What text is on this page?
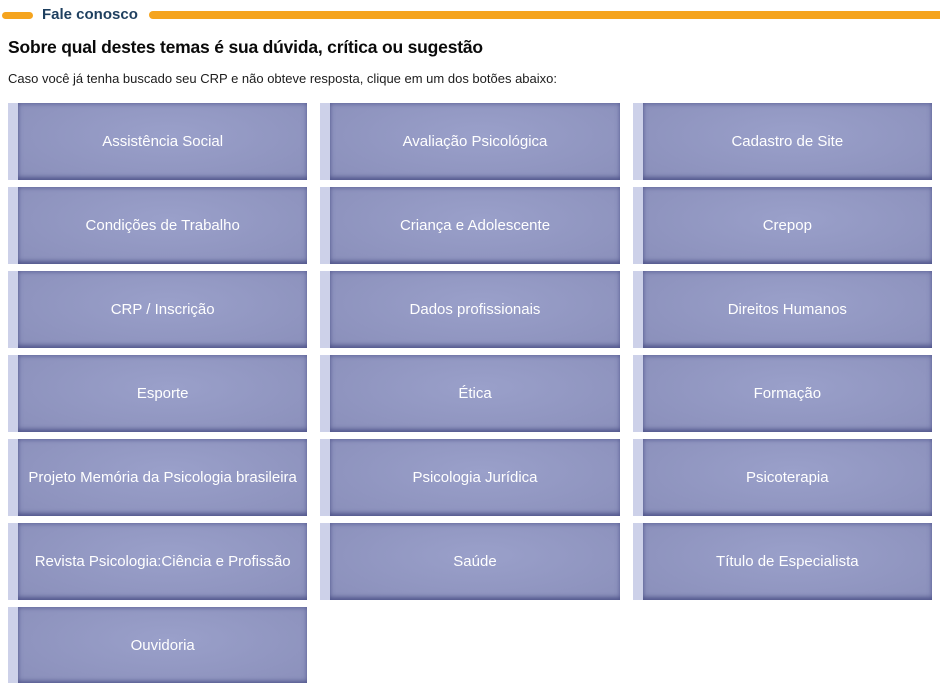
Fale conosco
Sobre qual destes temas é sua dúvida, crítica ou sugestão

Caso você já tenha buscado seu CRP e não obteve resposta, clique em um dos botões abaixo:

Assistência Social	Avaliação Psicológica	Cadastro de Site
Condições de Trabalho	Criança e Adolescente	Crepop
CRP / Inscrição	Dados profissionais	Direitos Humanos
Esporte	Ética	Formação
Projeto Memória da Psicologia brasileira	Psicologia Jurídica	Psicoterapia
Revista Psicologia:Ciência e Profissão	Saúde	Título de Especialista
Ouvidoria
